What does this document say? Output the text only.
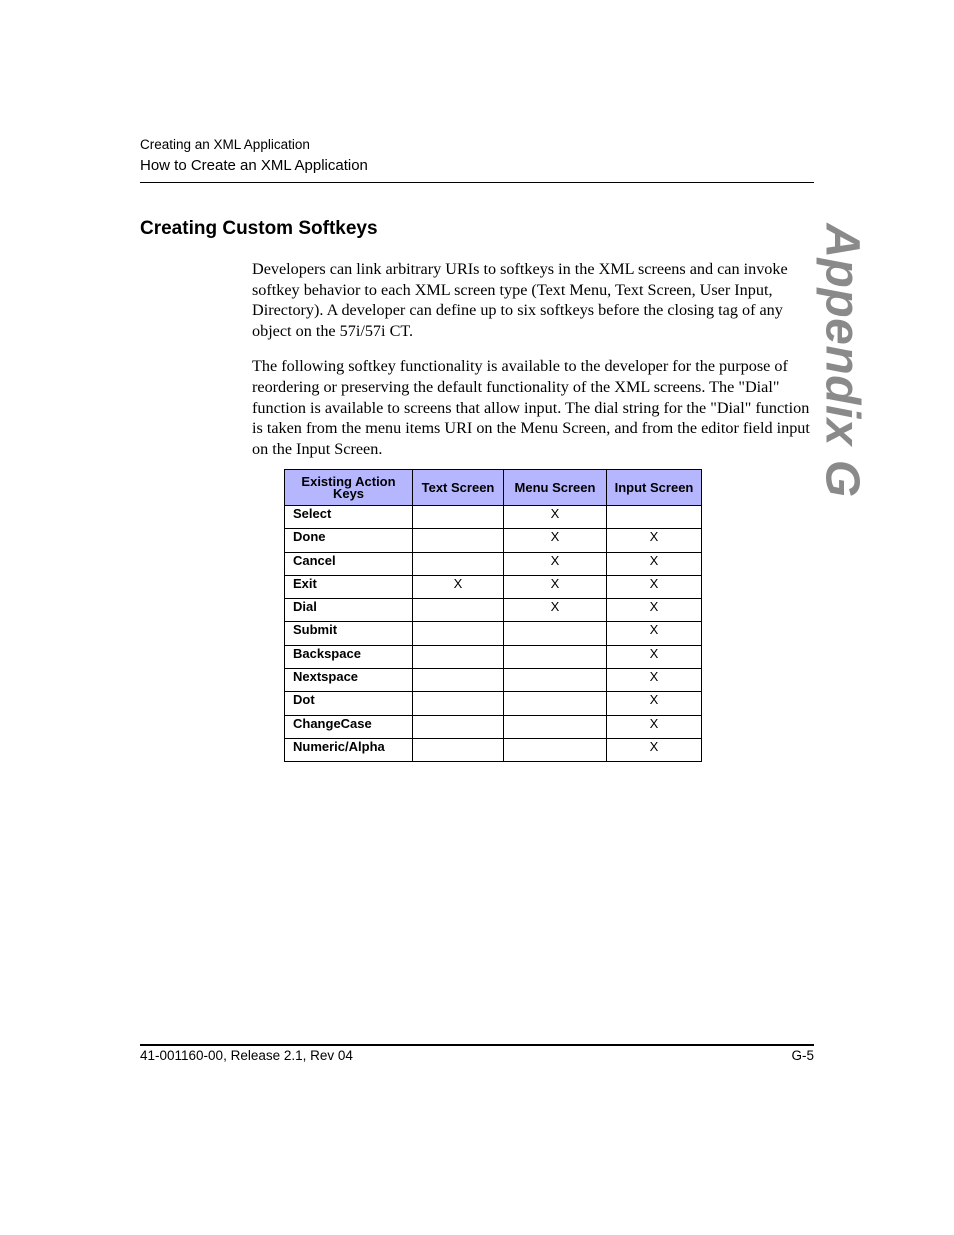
Creating an XML Application
How to Create an XML Application
Creating Custom Softkeys	Appendix G

Developers can link arbitrary URIs to softkeys in the XML screens and can invoke softkey behavior to each XML screen type (Text Menu, Text Screen, User Input, Directory). A developer can define up to six softkeys before the closing tag of any object on the 57i/57i CT.

The following softkey functionality is available to the developer for the purpose of reordering or preserving the default functionality of the XML screens. The "Dial" function is available to screens that allow input. The dial string for the "Dial" function is taken from the menu items URI on the Menu Screen, and from the editor field input on the Input Screen.

Existing Action Keys	Text Screen	Menu Screen	Input Screen
Select		X	
Done		X	X
Cancel		X	X
Exit	X	X	X
Dial		X	X
Submit			X
Backspace			X
Nextspace			X
Dot			X
ChangeCase			X
Numeric/Alpha			X
41-001160-00, Release 2.1, Rev 04	G-5
